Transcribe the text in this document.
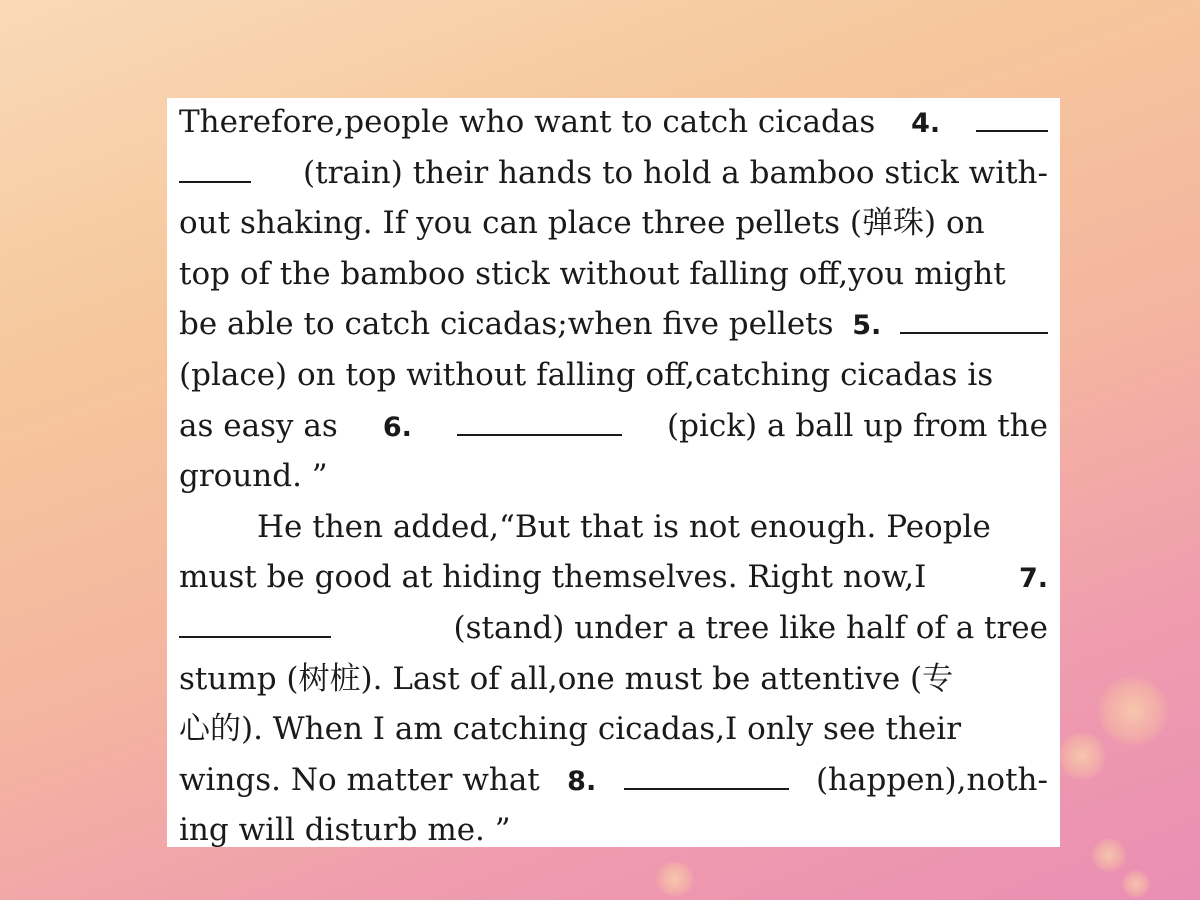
Therefore,people who want to catch cicadas 4.
(train) their hands to hold a bamboo stick with-
out shaking. If you can place three pellets (弹珠) on
top of the bamboo stick without falling off,you might
be able to catch cicadas;when five pellets 5.
(place) on top without falling off,catching cicadas is
as easy as 6.	(pick) a ball up from the
ground. ”
He then added,“But that is not enough. People
must be good at hiding themselves. Right now,I	7.
(stand) under a tree like half of a tree
stump (树桩). Last of all,one must be attentive (专
心的). When I am catching cicadas,I only see their
wings. No matter what 8.	(happen),noth-
ing will disturb me. ”
